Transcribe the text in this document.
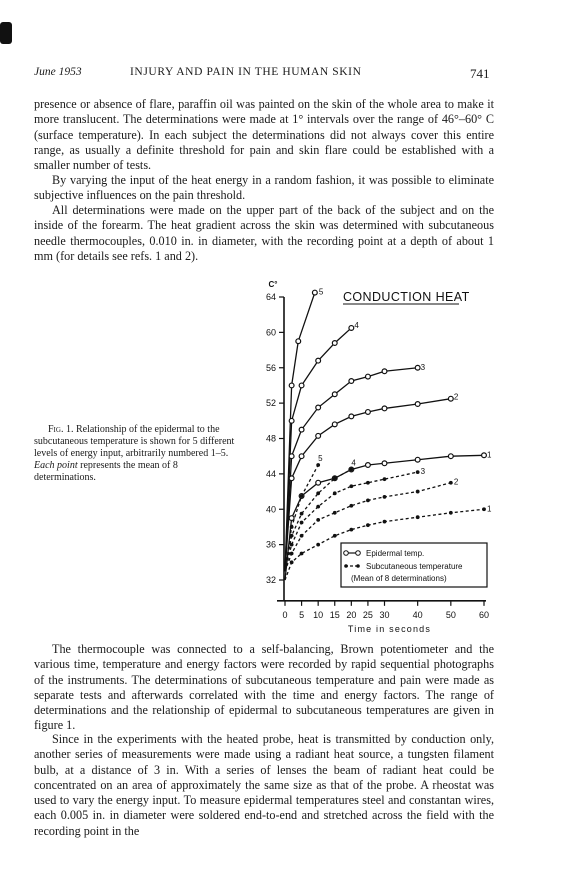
June 1953	INJURY AND PAIN IN THE HUMAN SKIN	741

presence or absence of flare, paraffin oil was painted on the skin of the whole area to make it more translucent. The determinations were made at 1° intervals over the range of 46°–60° C (surface temperature). In each subject the determinations did not always cover this entire range, as usually a definite threshold for pain and skin flare could be established with a smaller number of tests.

By varying the input of the heat energy in a random fashion, it was possible to eliminate subjective influences on the pain threshold.

All determinations were made on the upper part of the back of the subject and on the inside of the forearm. The heat gradient across the skin was determined with subcutaneous needle thermocouples, 0.010 in. in diameter, with the recording point at a depth of about 1 mm (for details see refs. 1 and 2).

Fig. 1. Relationship of the epidermal to the subcutaneous temperature is shown for 5 different levels of energy input, arbitrarily numbered 1–5. Each point represents the mean of 8 determinations.

32
36
40
44
48
52
56
60
64
C°
0 5 10 15 20 25 30	40	50	60
Time in seconds
CONDUCTION HEAT
5
4
3
2
1
5	4
3
2
1
Epidermal temp.
Subcutaneous temperature
(Mean of 8 determinations)

The thermocouple was connected to a self-balancing, Brown potentiometer and the various time, temperature and energy factors were recorded by rapid sequential photographs of the instruments. The determinations of subcutaneous temperature and pain were made as separate tests and afterwards correlated with the time and energy factors. The range of determinations and the relationship of epidermal to subcutaneous temperatures are given in figure 1.

Since in the experiments with the heated probe, heat is transmitted by conduction only, another series of measurements were made using a radiant heat source, a tungsten filament bulb, at a distance of 3 in. With a series of lenses the beam of radiant heat could be concentrated on an area of approximately the same size as that of the probe. A rheostat was used to vary the energy input. To measure epidermal temperatures steel and constantan wires, each 0.005 in. in diameter were soldered end-to-end and stretched across the field with the recording point in the
